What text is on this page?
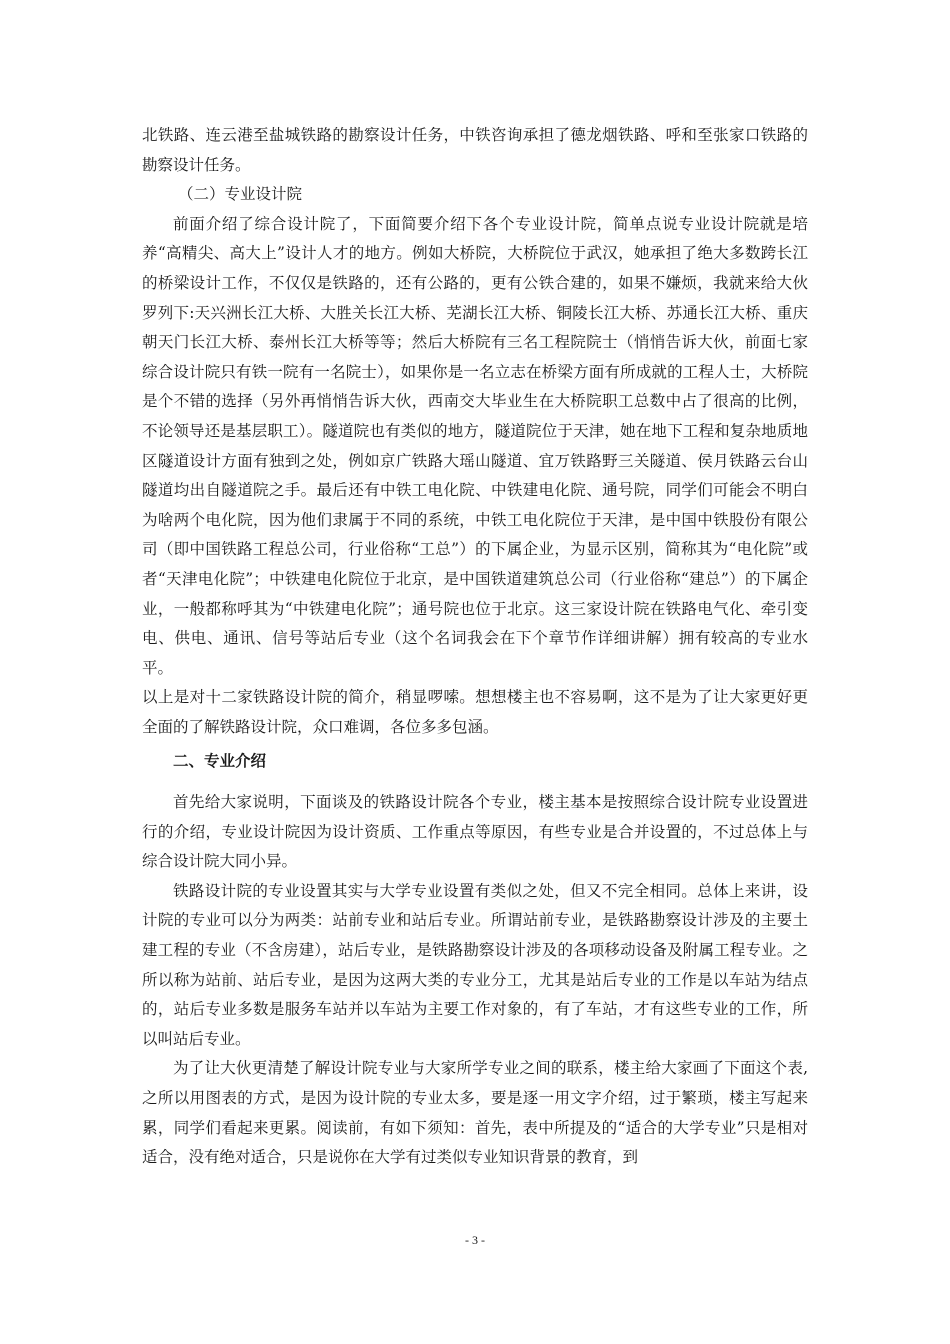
北铁路、连云港至盐城铁路的勘察设计任务，中铁咨询承担了德龙烟铁路、呼和至张家口铁路的勘察设计任务。

（二）专业设计院

前面介绍了综合设计院了，下面简要介绍下各个专业设计院，简单点说专业设计院就是培养“高精尖、高大上”设计人才的地方。例如大桥院，大桥院位于武汉，她承担了绝大多数跨长江的桥梁设计工作，不仅仅是铁路的，还有公路的，更有公铁合建的，如果不嫌烦，我就来给大伙罗列下:天兴洲长江大桥、大胜关长江大桥、芜湖长江大桥、铜陵长江大桥、苏通长江大桥、重庆朝天门长江大桥、泰州长江大桥等等；然后大桥院有三名工程院院士（悄悄告诉大伙，前面七家综合设计院只有铁一院有一名院士），如果你是一名立志在桥梁方面有所成就的工程人士，大桥院是个不错的选择（另外再悄悄告诉大伙，西南交大毕业生在大桥院职工总数中占了很高的比例，不论领导还是基层职工）。隧道院也有类似的地方，隧道院位于天津，她在地下工程和复杂地质地区隧道设计方面有独到之处，例如京广铁路大瑶山隧道、宜万铁路野三关隧道、侯月铁路云台山隧道均出自隧道院之手。最后还有中铁工电化院、中铁建电化院、通号院，同学们可能会不明白为啥两个电化院，因为他们隶属于不同的系统，中铁工电化院位于天津，是中国中铁股份有限公司（即中国铁路工程总公司，行业俗称“工总”）的下属企业，为显示区别，简称其为“电化院”或者“天津电化院”；中铁建电化院位于北京，是中国铁道建筑总公司（行业俗称“建总”）的下属企业，一般都称呼其为“中铁建电化院”；通号院也位于北京。这三家设计院在铁路电气化、牵引变电、供电、通讯、信号等站后专业（这个名词我会在下个章节作详细讲解）拥有较高的专业水平。

以上是对十二家铁路设计院的简介，稍显啰嗦。想想楼主也不容易啊，这不是为了让大家更好更全面的了解铁路设计院，众口难调，各位多多包涵。

二、专业介绍

首先给大家说明，下面谈及的铁路设计院各个专业，楼主基本是按照综合设计院专业设置进行的介绍，专业设计院因为设计资质、工作重点等原因，有些专业是合并设置的，不过总体上与综合设计院大同小异。

铁路设计院的专业设置其实与大学专业设置有类似之处，但又不完全相同。总体上来讲，设计院的专业可以分为两类：站前专业和站后专业。所谓站前专业，是铁路勘察设计涉及的主要土建工程的专业（不含房建），站后专业，是铁路勘察设计涉及的各项移动设备及附属工程专业。之所以称为站前、站后专业，是因为这两大类的专业分工，尤其是站后专业的工作是以车站为结点的，站后专业多数是服务车站并以车站为主要工作对象的，有了车站，才有这些专业的工作，所以叫站后专业。

为了让大伙更清楚了解设计院专业与大家所学专业之间的联系，楼主给大家画了下面这个表,之所以用图表的方式，是因为设计院的专业太多，要是逐一用文字介绍，过于繁琐，楼主写起来累，同学们看起来更累。阅读前，有如下须知：首先，表中所提及的“适合的大学专业”只是相对适合，没有绝对适合，只是说你在大学有过类似专业知识背景的教育，到

- 3 -
